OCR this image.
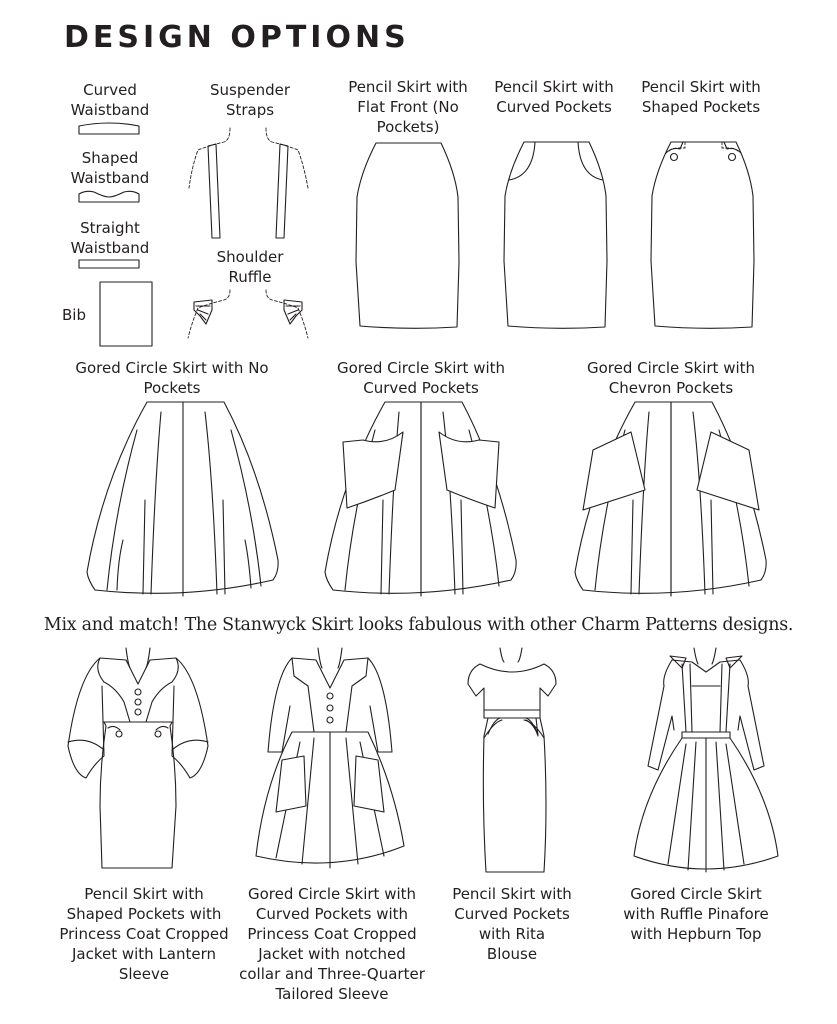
DESIGN OPTIONS
Curved Waistband
Shaped Waistband
Straight Waistband
Bib
Suspender Straps
Shoulder Ruffle
Pencil Skirt with Flat Front (No Pockets)
Pencil Skirt with Curved Pockets
Pencil Skirt with Shaped Pockets
Gored Circle Skirt with No Pockets
Gored Circle Skirt with Curved Pockets
Gored Circle Skirt with Chevron Pockets
Mix and match! The Stanwyck Skirt looks fabulous with other Charm Patterns designs.
Pencil Skirt with Shaped Pockets with Princess Coat Cropped Jacket with Lantern Sleeve
Gored Circle Skirt with Curved Pockets with Princess Coat Cropped Jacket with notched collar and Three-Quarter Tailored Sleeve
Pencil Skirt with Curved Pockets with Rita Blouse
Gored Circle Skirt with Ruffle Pinafore with Hepburn Top
